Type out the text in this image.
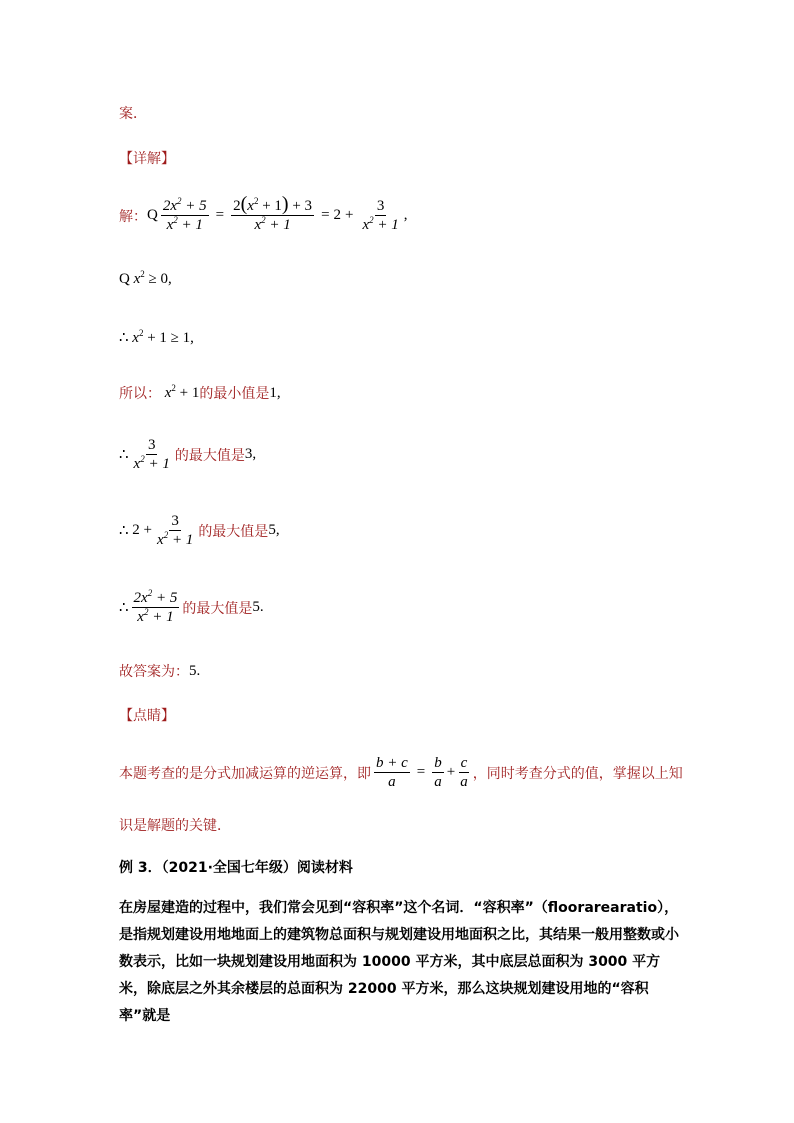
案．
【详解】
解： Q $\frac{2x^2 + 5}{x^2 + 1} = \frac{2(x^2 + 1) + 3}{x^2 + 1} = 2 + \frac{3}{x^2 + 1}$ ,
Q $x^2 \ge 0$,
∴ $x^2 + 1 \ge 1$,
所以： $x^2 + 1$ 的最小值是 1,
∴ $\frac{3}{x^2 + 1}$ 的最大值是 3,
∴ $2 + \frac{3}{x^2 + 1}$ 的最大值是 5,
∴ $\frac{2x^2 + 5}{x^2 + 1}$ 的最大值是 5.
故答案为： 5.
【点睛】
本题考查的是分式加减运算的逆运算，即 $\frac{b + c}{a} = \frac{b}{a} + \frac{c}{a}$ ，同时考查分式的值，掌握以上知
识是解题的关键．
例 3．（2021·全国七年级）阅读材料
在房屋建造的过程中，我们常会见到“容积率”这个名词．“容积率”（floorarearatio），是指规划建设用地地面上的建筑物总面积与规划建设用地面积之比，其结果一般用整数或小数表示，比如一块规划建设用地面积为 10000 平方米，其中底层总面积为 3000 平方米，除底层之外其余楼层的总面积为 22000 平方米，那么这块规划建设用地的“容积率”就是
